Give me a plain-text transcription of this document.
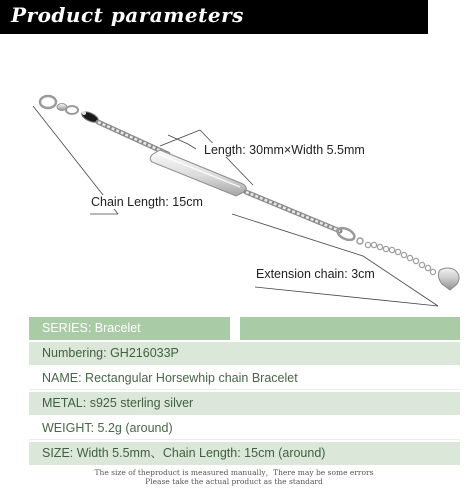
Product parameters
Length: 30mm×Width 5.5mm
Chain Length: 15cm
Extension chain: 3cm
SERIES: Bracelet
Numbering: GH216033P
NAME: Rectangular Horsewhip chain Bracelet
METAL: s925 sterling silver
WEIGHT: 5.2g (around)
SIZE: Width 5.5mm、Chain Length: 15cm (around)
The size of theproduct is measured manually，There may be some errors
Please take the actual product as the standard
